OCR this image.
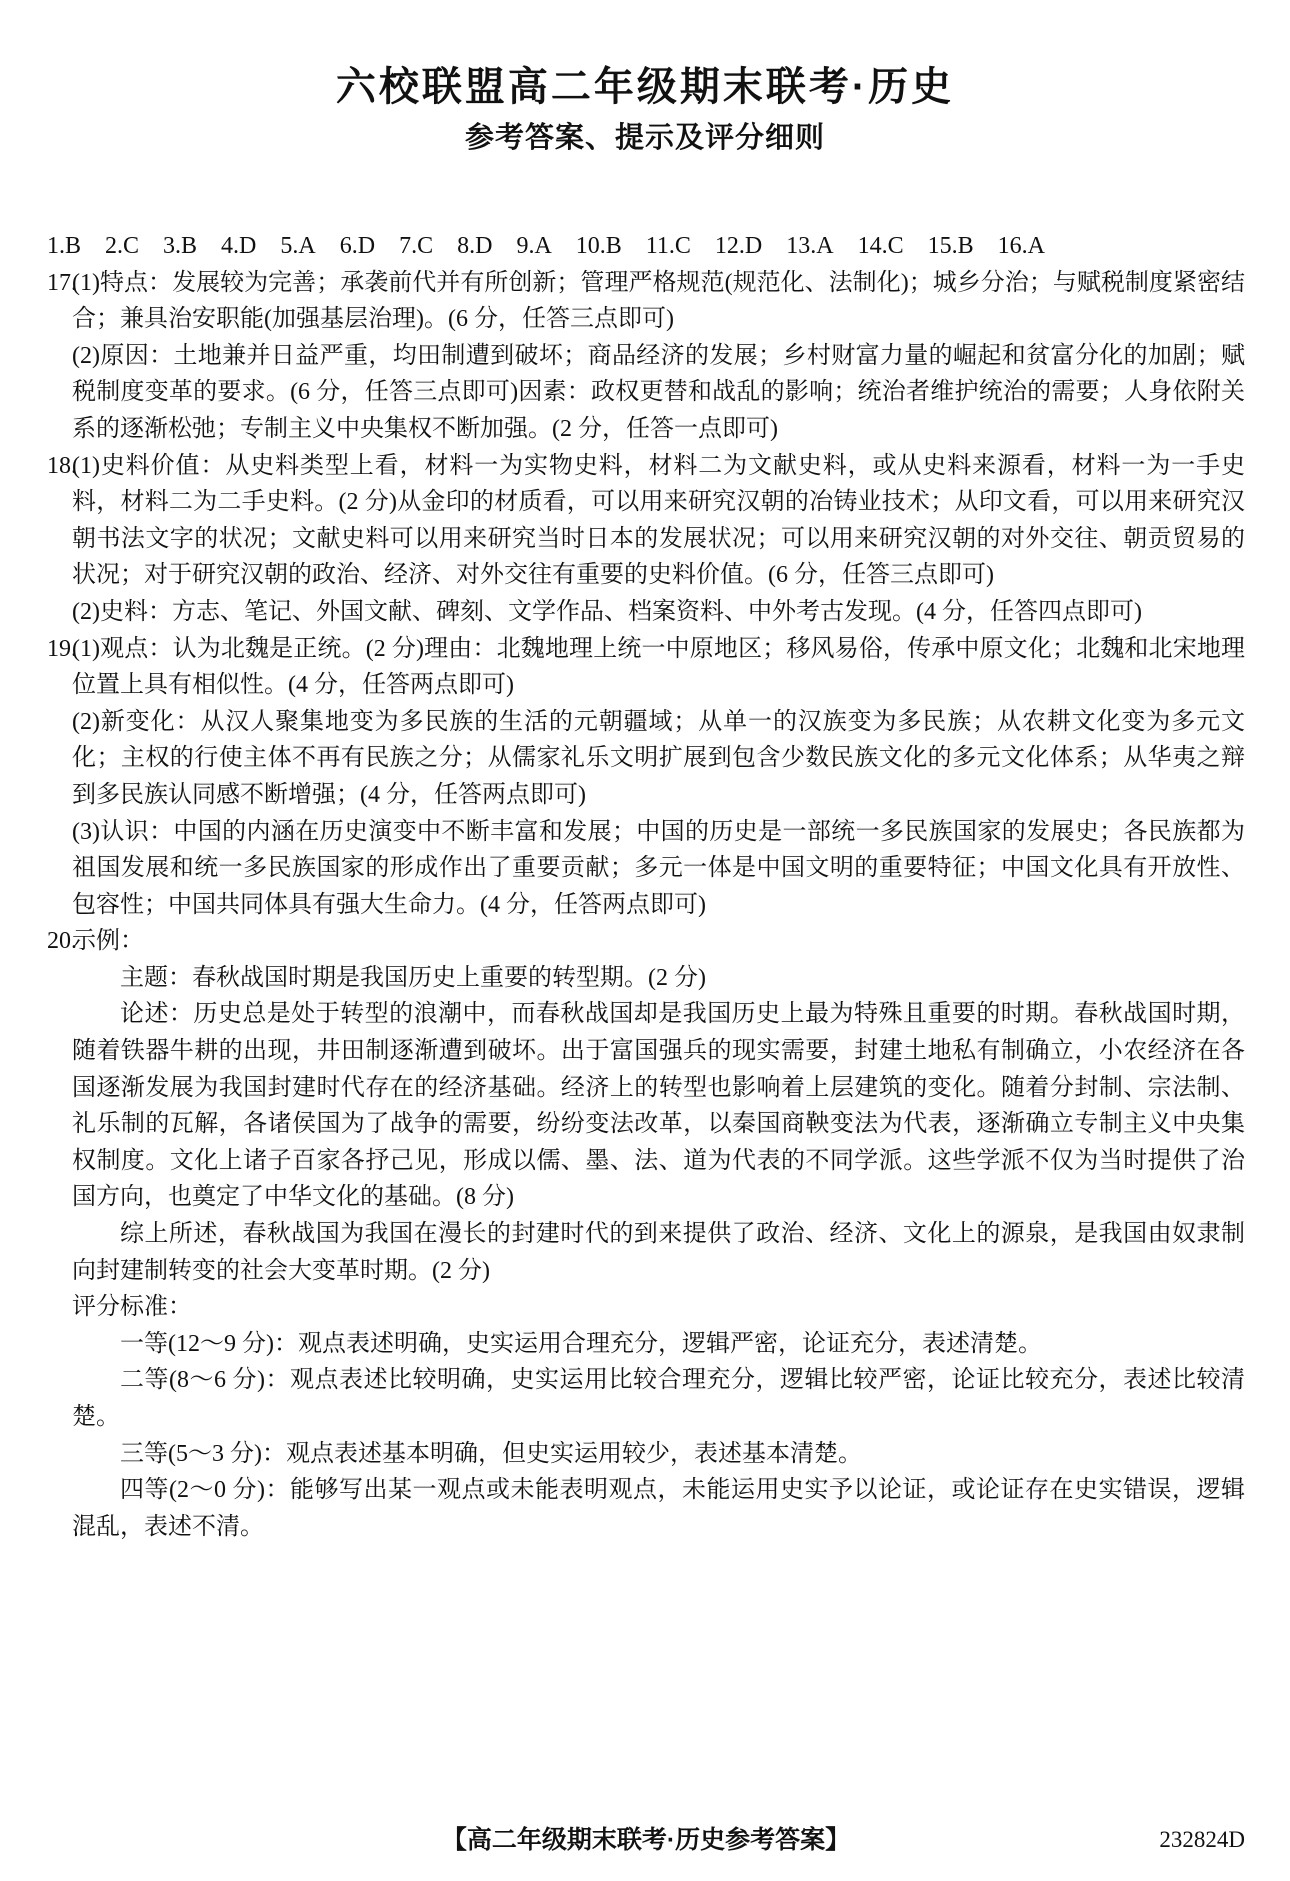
六校联盟高二年级期末联考·历史
参考答案、提示及评分细则
1.B 2.C 3.B 4.D 5.A 6.D 7.C 8.D 9.A 10.B 11.C 12.D 13.A 14.C 15.B 16.A

17.(1)特点：发展较为完善；承袭前代并有所创新；管理严格规范(规范化、法制化)；城乡分治；与赋税制度紧密结合；兼具治安职能(加强基层治理)。(6 分，任答三点即可)

(2)原因：土地兼并日益严重，均田制遭到破坏；商品经济的发展；乡村财富力量的崛起和贫富分化的加剧；赋税制度变革的要求。(6 分，任答三点即可)因素：政权更替和战乱的影响；统治者维护统治的需要；人身依附关系的逐渐松弛；专制主义中央集权不断加强。(2 分，任答一点即可)

18.(1)史料价值：从史料类型上看，材料一为实物史料，材料二为文献史料，或从史料来源看，材料一为一手史料，材料二为二手史料。(2 分)从金印的材质看，可以用来研究汉朝的冶铸业技术；从印文看，可以用来研究汉朝书法文字的状况；文献史料可以用来研究当时日本的发展状况；可以用来研究汉朝的对外交往、朝贡贸易的状况；对于研究汉朝的政治、经济、对外交往有重要的史料价值。(6 分，任答三点即可)

(2)史料：方志、笔记、外国文献、碑刻、文学作品、档案资料、中外考古发现。(4 分，任答四点即可)

19.(1)观点：认为北魏是正统。(2 分)理由：北魏地理上统一中原地区；移风易俗，传承中原文化；北魏和北宋地理位置上具有相似性。(4 分，任答两点即可)

(2)新变化：从汉人聚集地变为多民族的生活的元朝疆域；从单一的汉族变为多民族；从农耕文化变为多元文化；主权的行使主体不再有民族之分；从儒家礼乐文明扩展到包含少数民族文化的多元文化体系；从华夷之辩到多民族认同感不断增强；(4 分，任答两点即可)

(3)认识：中国的内涵在历史演变中不断丰富和发展；中国的历史是一部统一多民族国家的发展史；各民族都为祖国发展和统一多民族国家的形成作出了重要贡献；多元一体是中国文明的重要特征；中国文化具有开放性、包容性；中国共同体具有强大生命力。(4 分，任答两点即可)

20.示例：

主题：春秋战国时期是我国历史上重要的转型期。(2 分)

论述：历史总是处于转型的浪潮中，而春秋战国却是我国历史上最为特殊且重要的时期。春秋战国时期，随着铁器牛耕的出现，井田制逐渐遭到破坏。出于富国强兵的现实需要，封建土地私有制确立，小农经济在各国逐渐发展为我国封建时代存在的经济基础。经济上的转型也影响着上层建筑的变化。随着分封制、宗法制、礼乐制的瓦解，各诸侯国为了战争的需要，纷纷变法改革，以秦国商鞅变法为代表，逐渐确立专制主义中央集权制度。文化上诸子百家各抒己见，形成以儒、墨、法、道为代表的不同学派。这些学派不仅为当时提供了治国方向，也奠定了中华文化的基础。(8 分)

综上所述，春秋战国为我国在漫长的封建时代的到来提供了政治、经济、文化上的源泉，是我国由奴隶制向封建制转变的社会大变革时期。(2 分)

评分标准：

一等(12～9 分)：观点表述明确，史实运用合理充分，逻辑严密，论证充分，表述清楚。

二等(8～6 分)：观点表述比较明确，史实运用比较合理充分，逻辑比较严密，论证比较充分，表述比较清楚。

三等(5～3 分)：观点表述基本明确，但史实运用较少，表述基本清楚。

四等(2～0 分)：能够写出某一观点或未能表明观点，未能运用史实予以论证，或论证存在史实错误，逻辑混乱，表述不清。

【高二年级期末联考·历史参考答案】	232824D
